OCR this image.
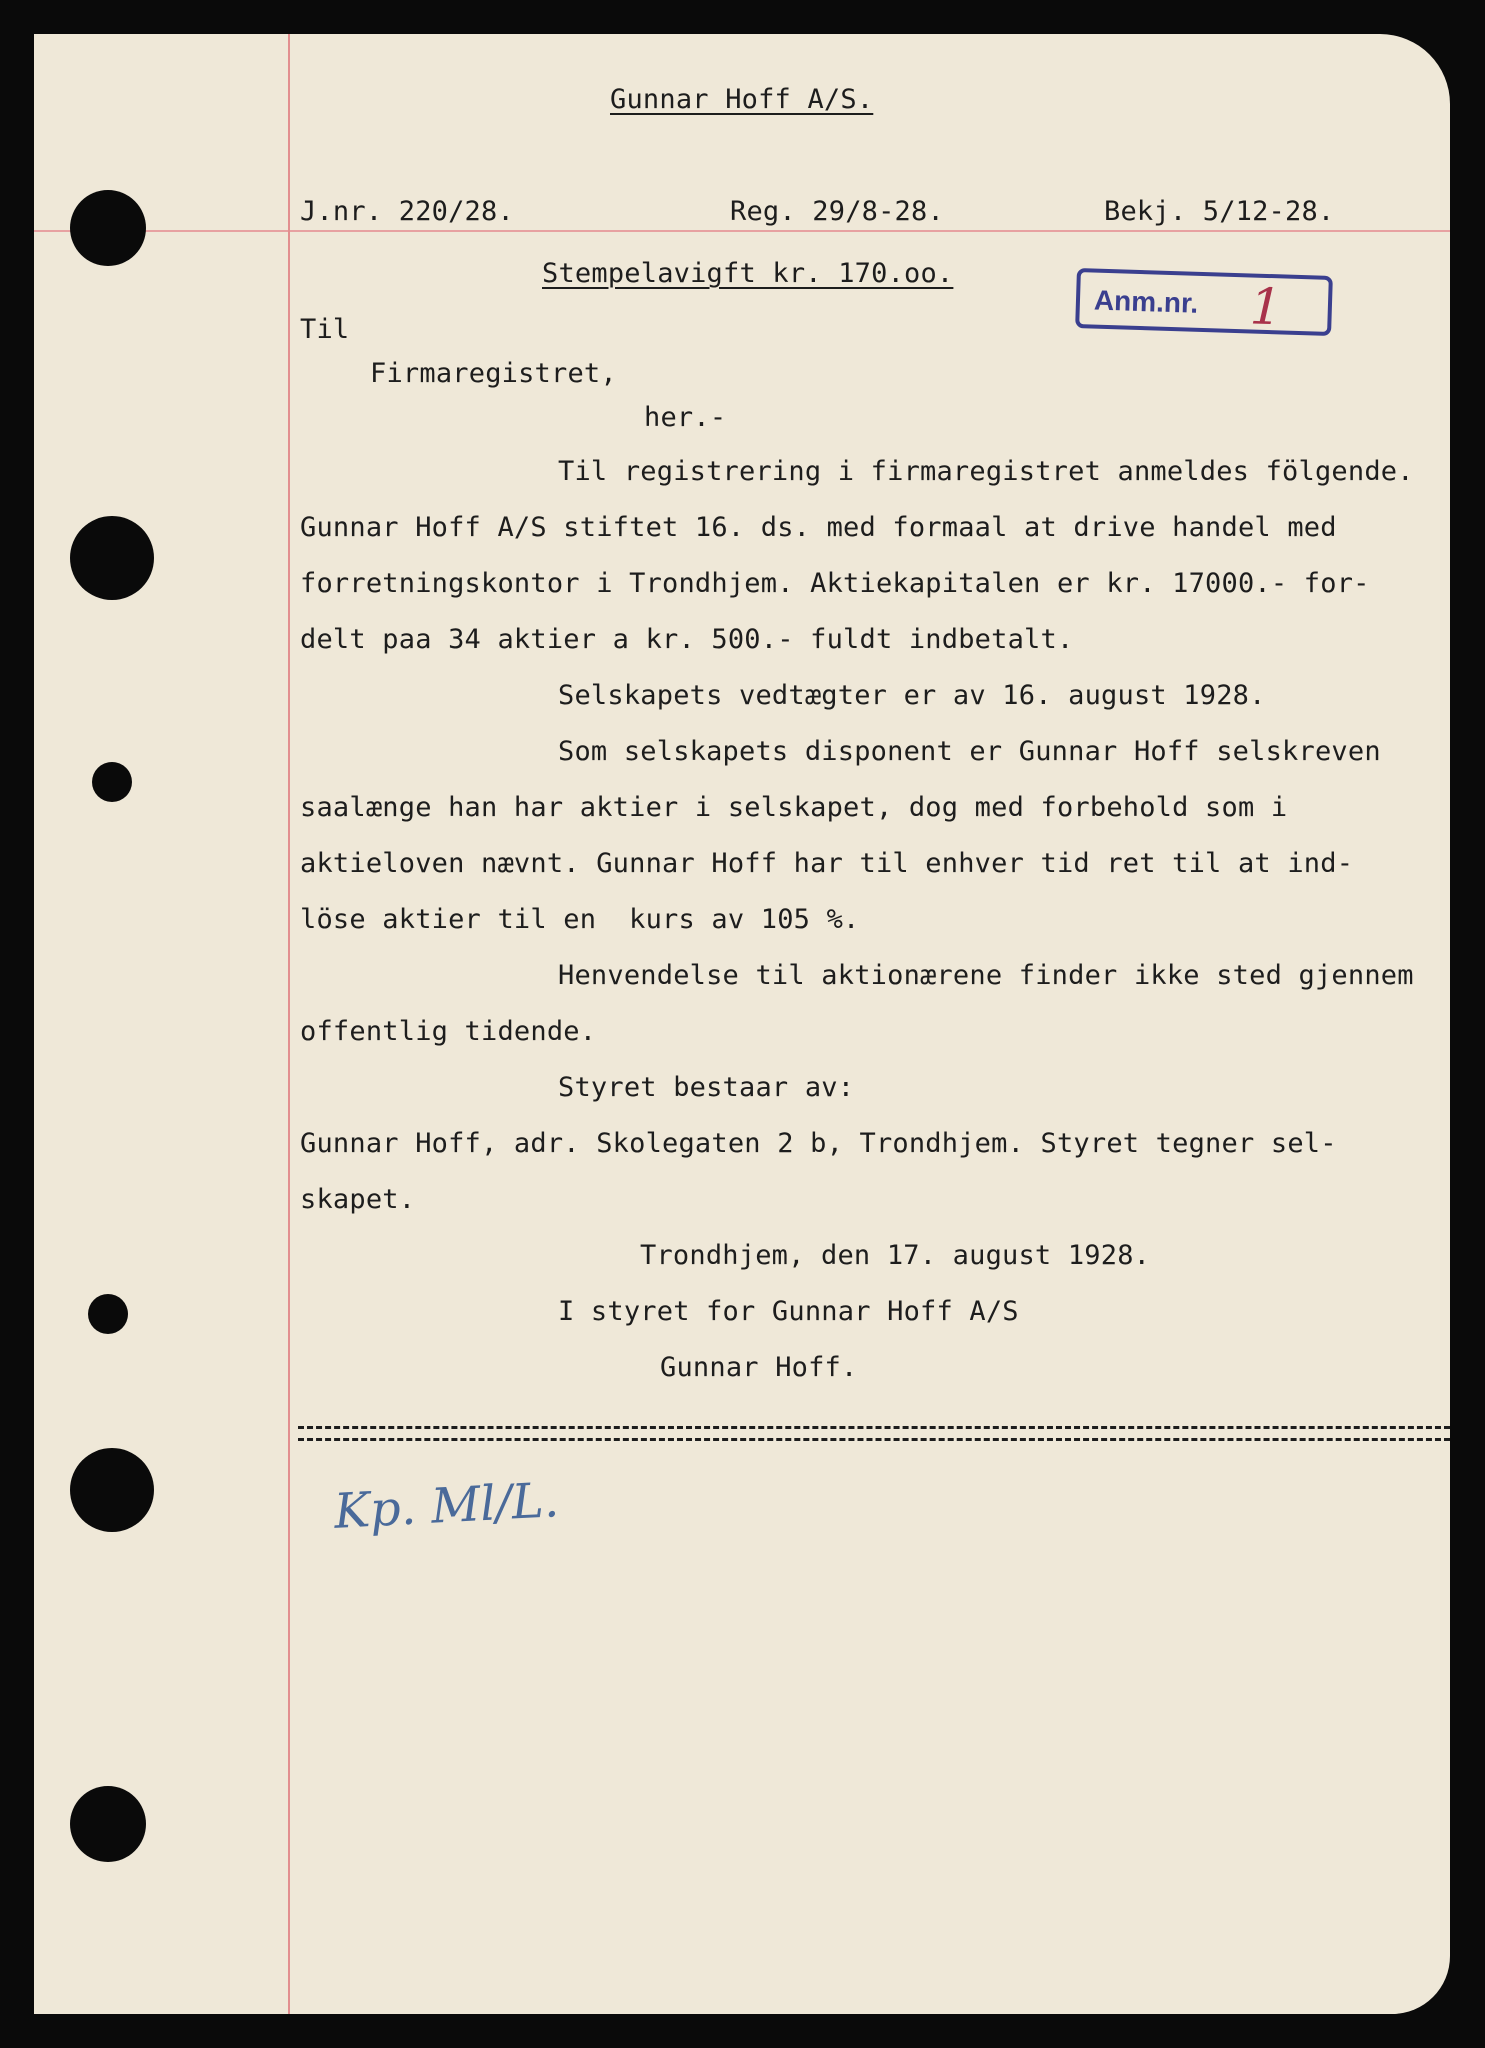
Gunnar Hoff A/S.
J.nr. 220/28.	Reg. 29/8-28.	Bekj. 5/12-28.
Stempelavigft kr. 170.oo.
Anm.nr. 1
Til
Firmaregistret,
her.-
Til registrering i firmaregistret anmeldes fölgende.
Gunnar Hoff A/S stiftet 16. ds. med formaal at drive handel med
forretningskontor i Trondhjem. Aktiekapitalen er kr. 17000.- for-
delt paa 34 aktier a kr. 500.- fuldt indbetalt.
Selskapets vedtægter er av 16. august 1928.
Som selskapets disponent er Gunnar Hoff selskreven
saalænge han har aktier i selskapet, dog med forbehold som i
aktieloven nævnt. Gunnar Hoff har til enhver tid ret til at ind-
löse aktier til en  kurs av 105 %.
Henvendelse til aktionærene finder ikke sted gjennem
offentlig tidende.
Styret bestaar av:
Gunnar Hoff, adr. Skolegaten 2 b, Trondhjem. Styret tegner sel-
skapet.
Trondhjem, den 17. august 1928.
I styret for Gunnar Hoff A/S
Gunnar Hoff.
Kp. Ml/L.
